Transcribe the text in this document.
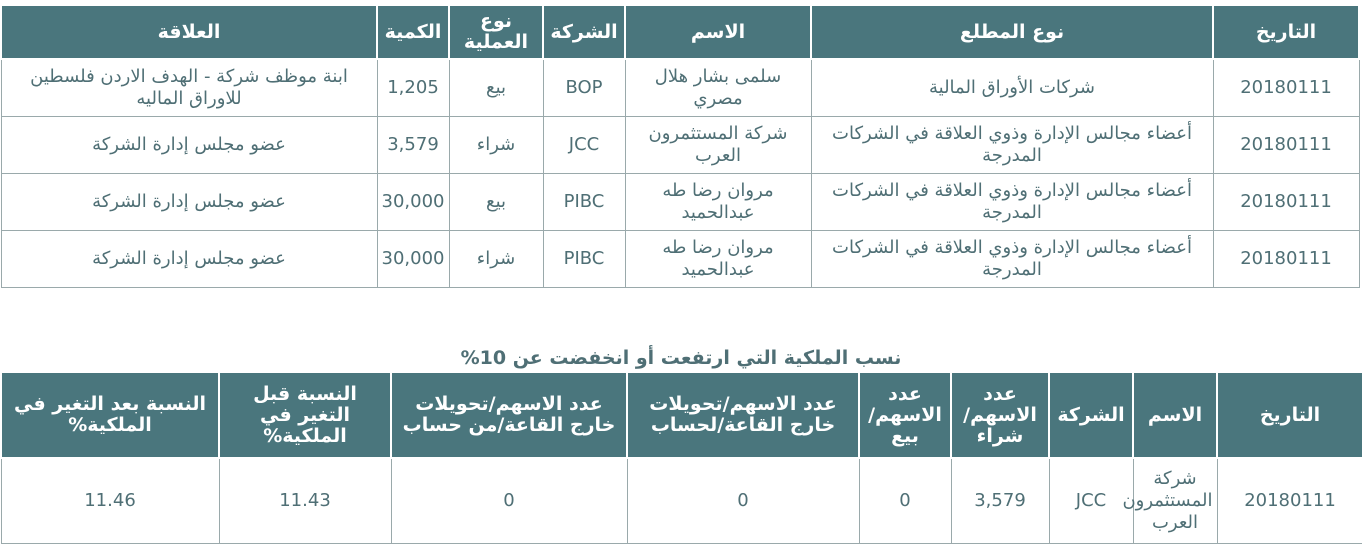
التاريخ	نوع المطلع	الاسم	الشركة	نوع العملية	الكمية	العلاقة
20180111	شركات الأوراق المالية	سلمى بشار هلال مصري	BOP	بيع	1,205	ابنة موظف شركة - الهدف الاردن فلسطين للاوراق الماليه
20180111	أعضاء مجالس الإدارة وذوي العلاقة في الشركات المدرجة	شركة المستثمرون العرب	JCC	شراء	3,579	عضو مجلس إدارة الشركة
20180111	أعضاء مجالس الإدارة وذوي العلاقة في الشركات المدرجة	مروان رضا طه عبدالحميد	PIBC	بيع	30,000	عضو مجلس إدارة الشركة
20180111	أعضاء مجالس الإدارة وذوي العلاقة في الشركات المدرجة	مروان رضا طه عبدالحميد	PIBC	شراء	30,000	عضو مجلس إدارة الشركة
نسب الملكية التي ارتفعت أو انخفضت عن 10%
التاريخ	الاسم	الشركة	عدد الاسهم/ شراء	عدد الاسهم/ بيع	عدد الاسهم/تحويلات خارج القاعة/لحساب	عدد الاسهم/تحويلات خارج القاعة/من حساب	النسبة قبل التغير في الملكية%	النسبة بعد التغير في الملكية%
20180111	شركة المستثمرون العرب	JCC	3,579	0	0	0	11.43	11.46
